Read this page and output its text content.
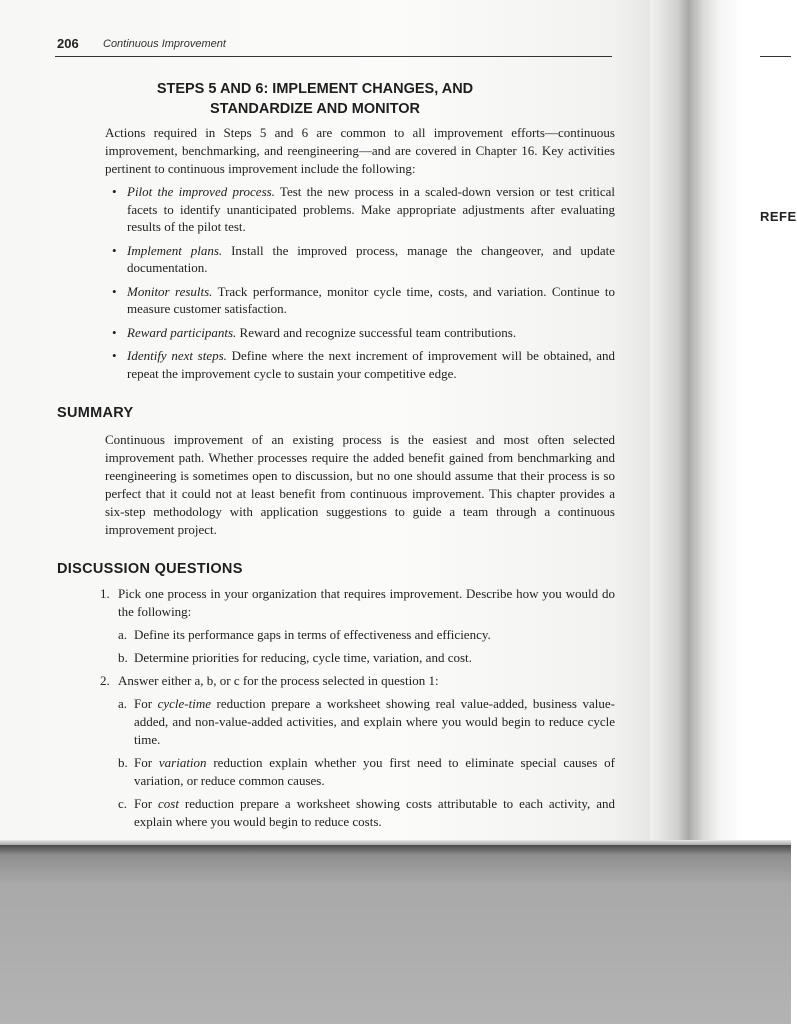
206 Continuous Improvement
REFE
STEPS 5 AND 6: IMPLEMENT CHANGES, AND
STANDARDIZE AND MONITOR
Actions required in Steps 5 and 6 are common to all improvement efforts—continuous improvement, benchmarking, and reengineering—and are covered in Chapter 16. Key activities pertinent to continuous improvement include the following:
• Pilot the improved process. Test the new process in a scaled-down version or test critical facets to identify unanticipated problems. Make appropriate adjustments after evaluating results of the pilot test.
• Implement plans. Install the improved process, manage the changeover, and update documentation.
• Monitor results. Track performance, monitor cycle time, costs, and variation. Continue to measure customer satisfaction.
• Reward participants. Reward and recognize successful team contributions.
• Identify next steps. Define where the next increment of improvement will be obtained, and repeat the improvement cycle to sustain your competitive edge.
SUMMARY
Continuous improvement of an existing process is the easiest and most often selected improvement path. Whether processes require the added benefit gained from benchmarking and reengineering is sometimes open to discussion, but no one should assume that their process is so perfect that it could not at least benefit from continuous improvement. This chapter provides a six-step methodology with application suggestions to guide a team through a continuous improvement project.
DISCUSSION QUESTIONS
1. Pick one process in your organization that requires improvement. Describe how you would do the following:
a. Define its performance gaps in terms of effectiveness and efficiency.
b. Determine priorities for reducing, cycle time, variation, and cost.
2. Answer either a, b, or c for the process selected in question 1:
a. For cycle-time reduction prepare a worksheet showing real value-added, business value-added, and non-value-added activities, and explain where you would begin to reduce cycle time.
b. For variation reduction explain whether you first need to eliminate special causes of variation, or reduce common causes.
c. For cost reduction prepare a worksheet showing costs attributable to each activity, and explain where you would begin to reduce costs.
